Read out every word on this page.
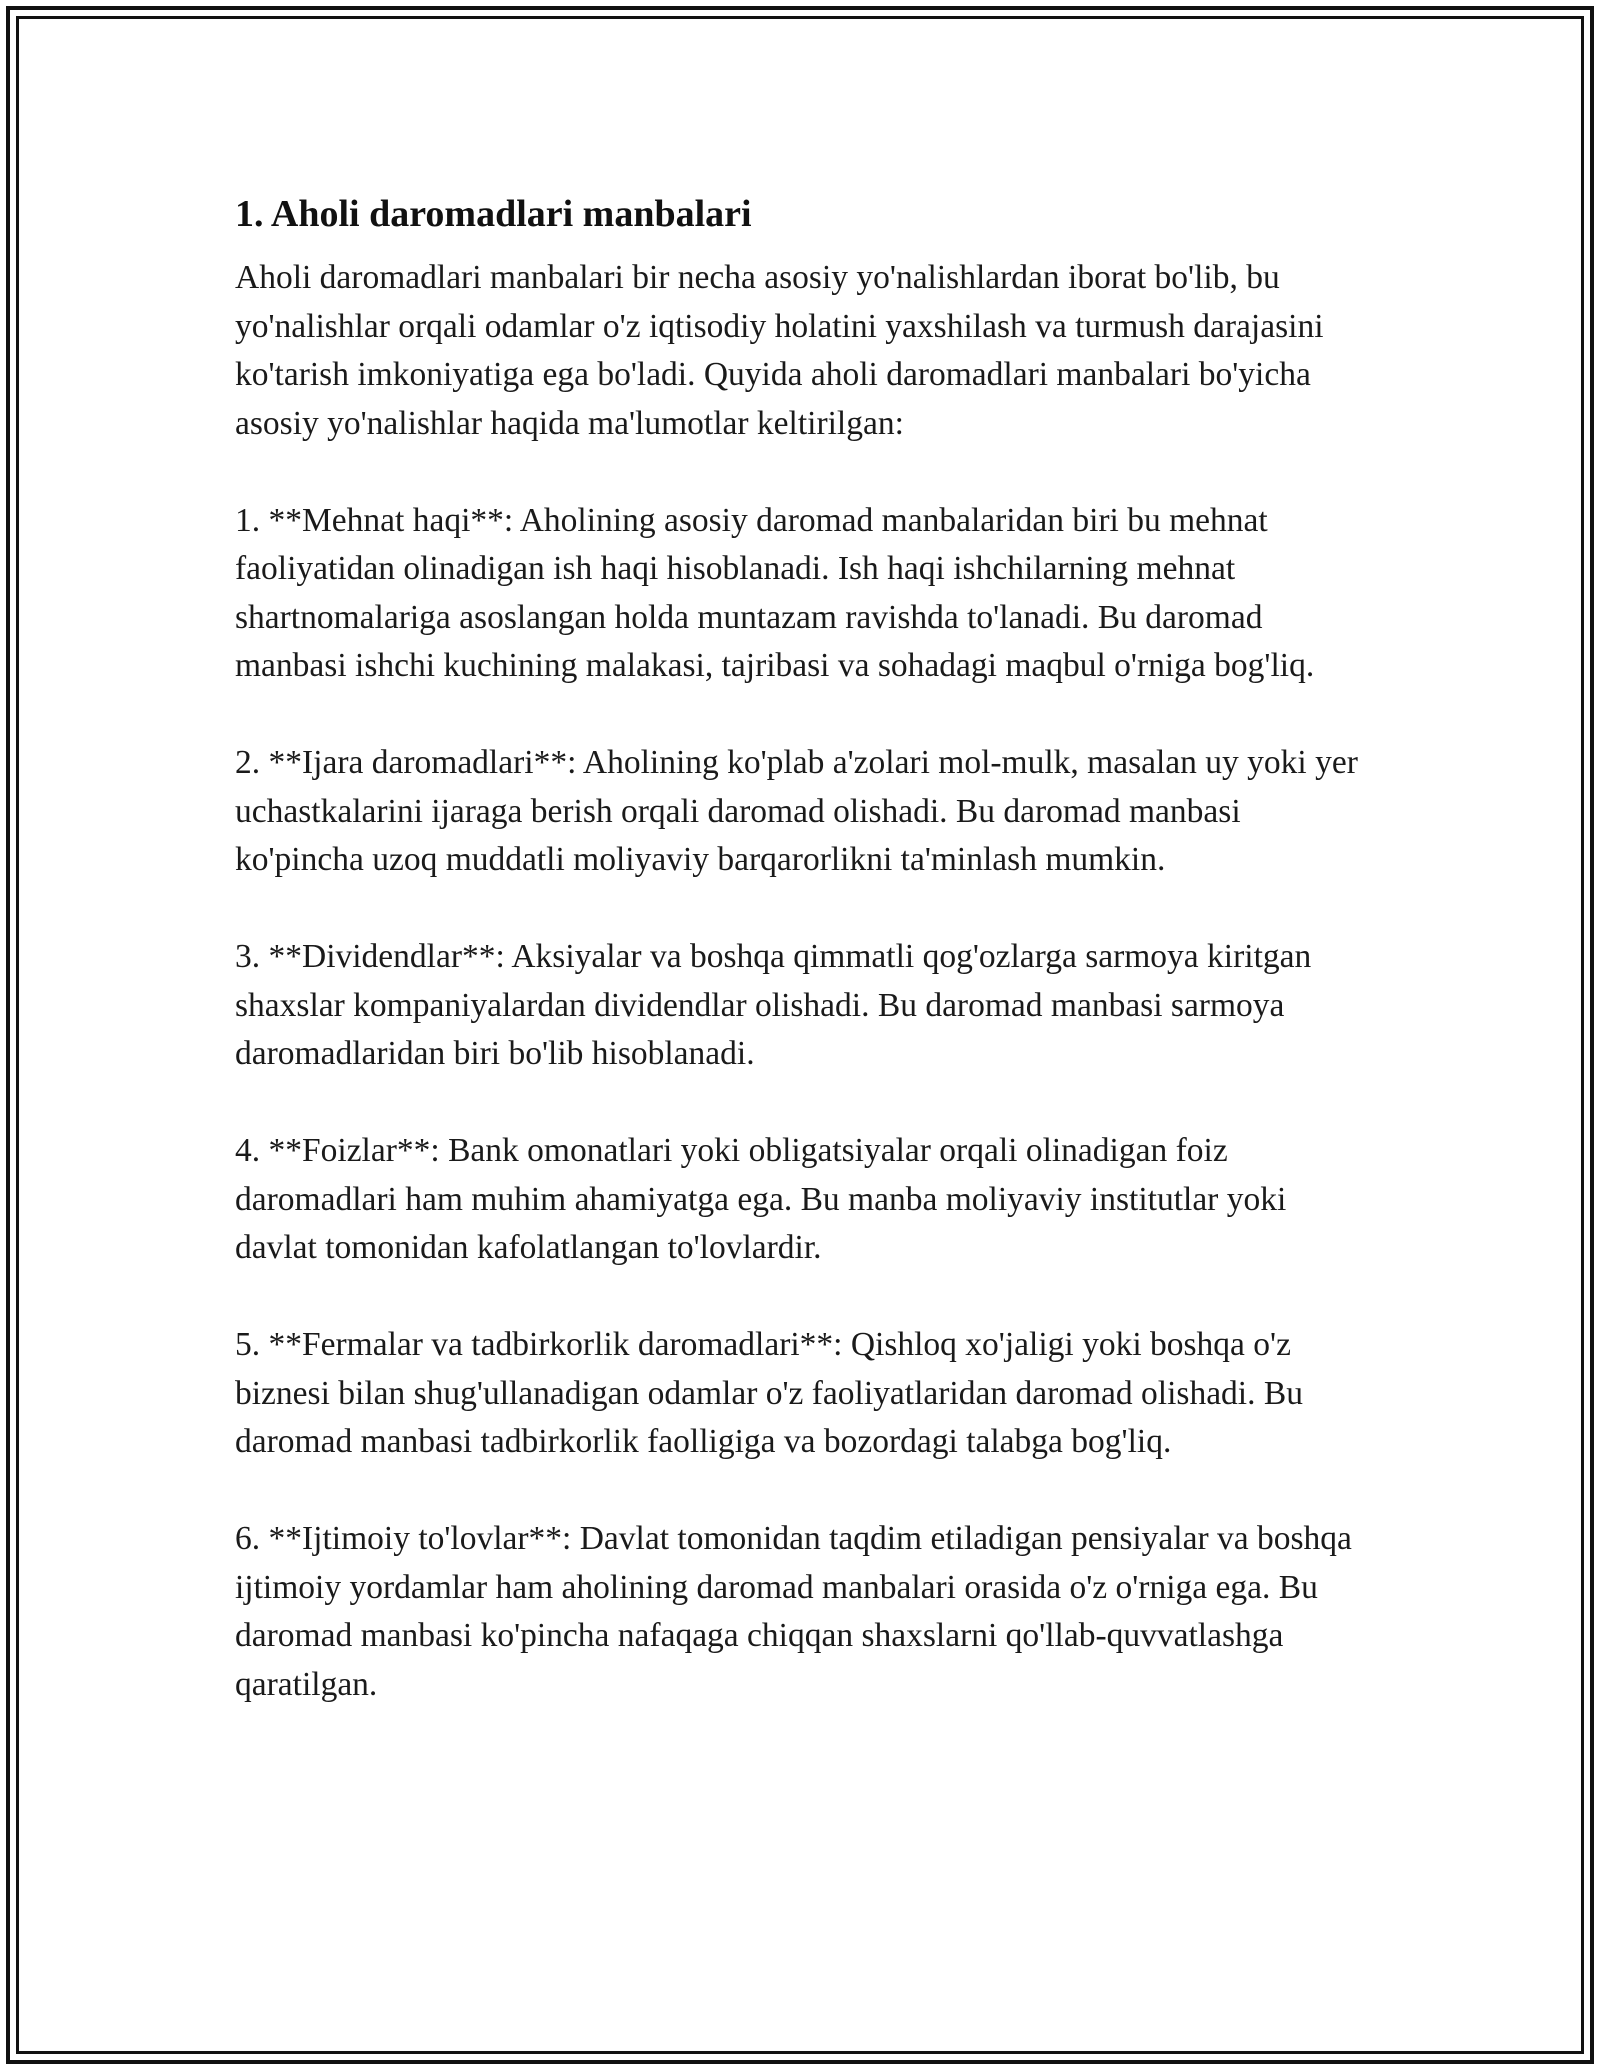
1. Aholi daromadlari manbalari

Aholi daromadlari manbalari bir necha asosiy yo'nalishlardan iborat bo'lib, bu yo'nalishlar orqali odamlar o'z iqtisodiy holatini yaxshilash va turmush darajasini ko'tarish imkoniyatiga ega bo'ladi. Quyida aholi daromadlari manbalari bo'yicha asosiy yo'nalishlar haqida ma'lumotlar keltirilgan:

1. **Mehnat haqi**: Aholining asosiy daromad manbalaridan biri bu mehnat faoliyatidan olinadigan ish haqi hisoblanadi. Ish haqi ishchilarning mehnat shartnomalariga asoslangan holda muntazam ravishda to'lanadi. Bu daromad manbasi ishchi kuchining malakasi, tajribasi va sohadagi maqbul o'rniga bog'liq.

2. **Ijara daromadlari**: Aholining ko'plab a'zolari mol-mulk, masalan uy yoki yer uchastkalarini ijaraga berish orqali daromad olishadi. Bu daromad manbasi ko'pincha uzoq muddatli moliyaviy barqarorlikni ta'minlash mumkin.

3. **Dividendlar**: Aksiyalar va boshqa qimmatli qog'ozlarga sarmoya kiritgan shaxslar kompaniyalardan dividendlar olishadi. Bu daromad manbasi sarmoya daromadlaridan biri bo'lib hisoblanadi.

4. **Foizlar**: Bank omonatlari yoki obligatsiyalar orqali olinadigan foiz daromadlari ham muhim ahamiyatga ega. Bu manba moliyaviy institutlar yoki davlat tomonidan kafolatlangan to'lovlardir.

5. **Fermalar va tadbirkorlik daromadlari**: Qishloq xo'jaligi yoki boshqa o'z biznesi bilan shug'ullanadigan odamlar o'z faoliyatlaridan daromad olishadi. Bu daromad manbasi tadbirkorlik faolligiga va bozordagi talabga bog'liq.

6. **Ijtimoiy to'lovlar**: Davlat tomonidan taqdim etiladigan pensiyalar va boshqa ijtimoiy yordamlar ham aholining daromad manbalari orasida o'z o'rniga ega. Bu daromad manbasi ko'pincha nafaqaga chiqqan shaxslarni qo'llab-quvvatlashga qaratilgan.
